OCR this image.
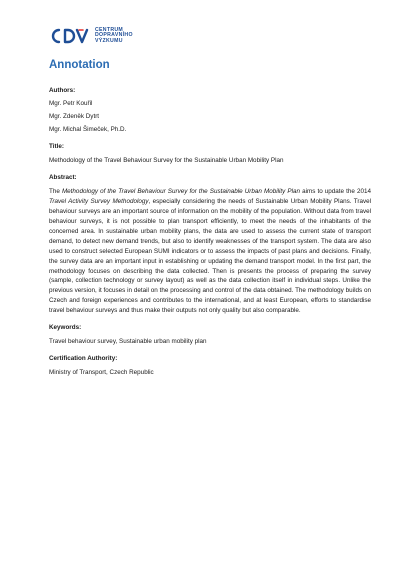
CENTRUM
DOPRAVNÍHO
VÝZKUMU
Annotation

Authors:

Mgr. Petr Kouřil

Mgr. Zdeněk Dytrt

Mgr. Michal Šimeček, Ph.D.

Title:

Methodology of the Travel Behaviour Survey for the Sustainable Urban Mobility Plan

Abstract:

The Methodology of the Travel Behaviour Survey for the Sustainable Urban Mobility Plan aims to update the 2014 Travel Activity Survey Methodology, especially considering the needs of Sustainable Urban Mobility Plans. Travel behaviour surveys are an important source of information on the mobility of the population. Without data from travel behaviour surveys, it is not possible to plan transport efficiently, to meet the needs of the inhabitants of the concerned area. In sustainable urban mobility plans, the data are used to assess the current state of transport demand, to detect new demand trends, but also to identify weaknesses of the transport system. The data are also used to construct selected European SUMI indicators or to assess the impacts of past plans and decisions. Finally, the survey data are an important input in establishing or updating the demand transport model. In the first part, the methodology focuses on describing the data collected. Then is presents the process of preparing the survey (sample, collection technology or survey layout) as well as the data collection itself in individual steps. Unlike the previous version, it focuses in detail on the processing and control of the data obtained. The methodology builds on Czech and foreign experiences and contributes to the international, and at least European, efforts to standardise travel behaviour surveys and thus make their outputs not only quality but also comparable.

Keywords:

Travel behaviour survey, Sustainable urban mobility plan

Certification Authority:

Ministry of Transport, Czech Republic
